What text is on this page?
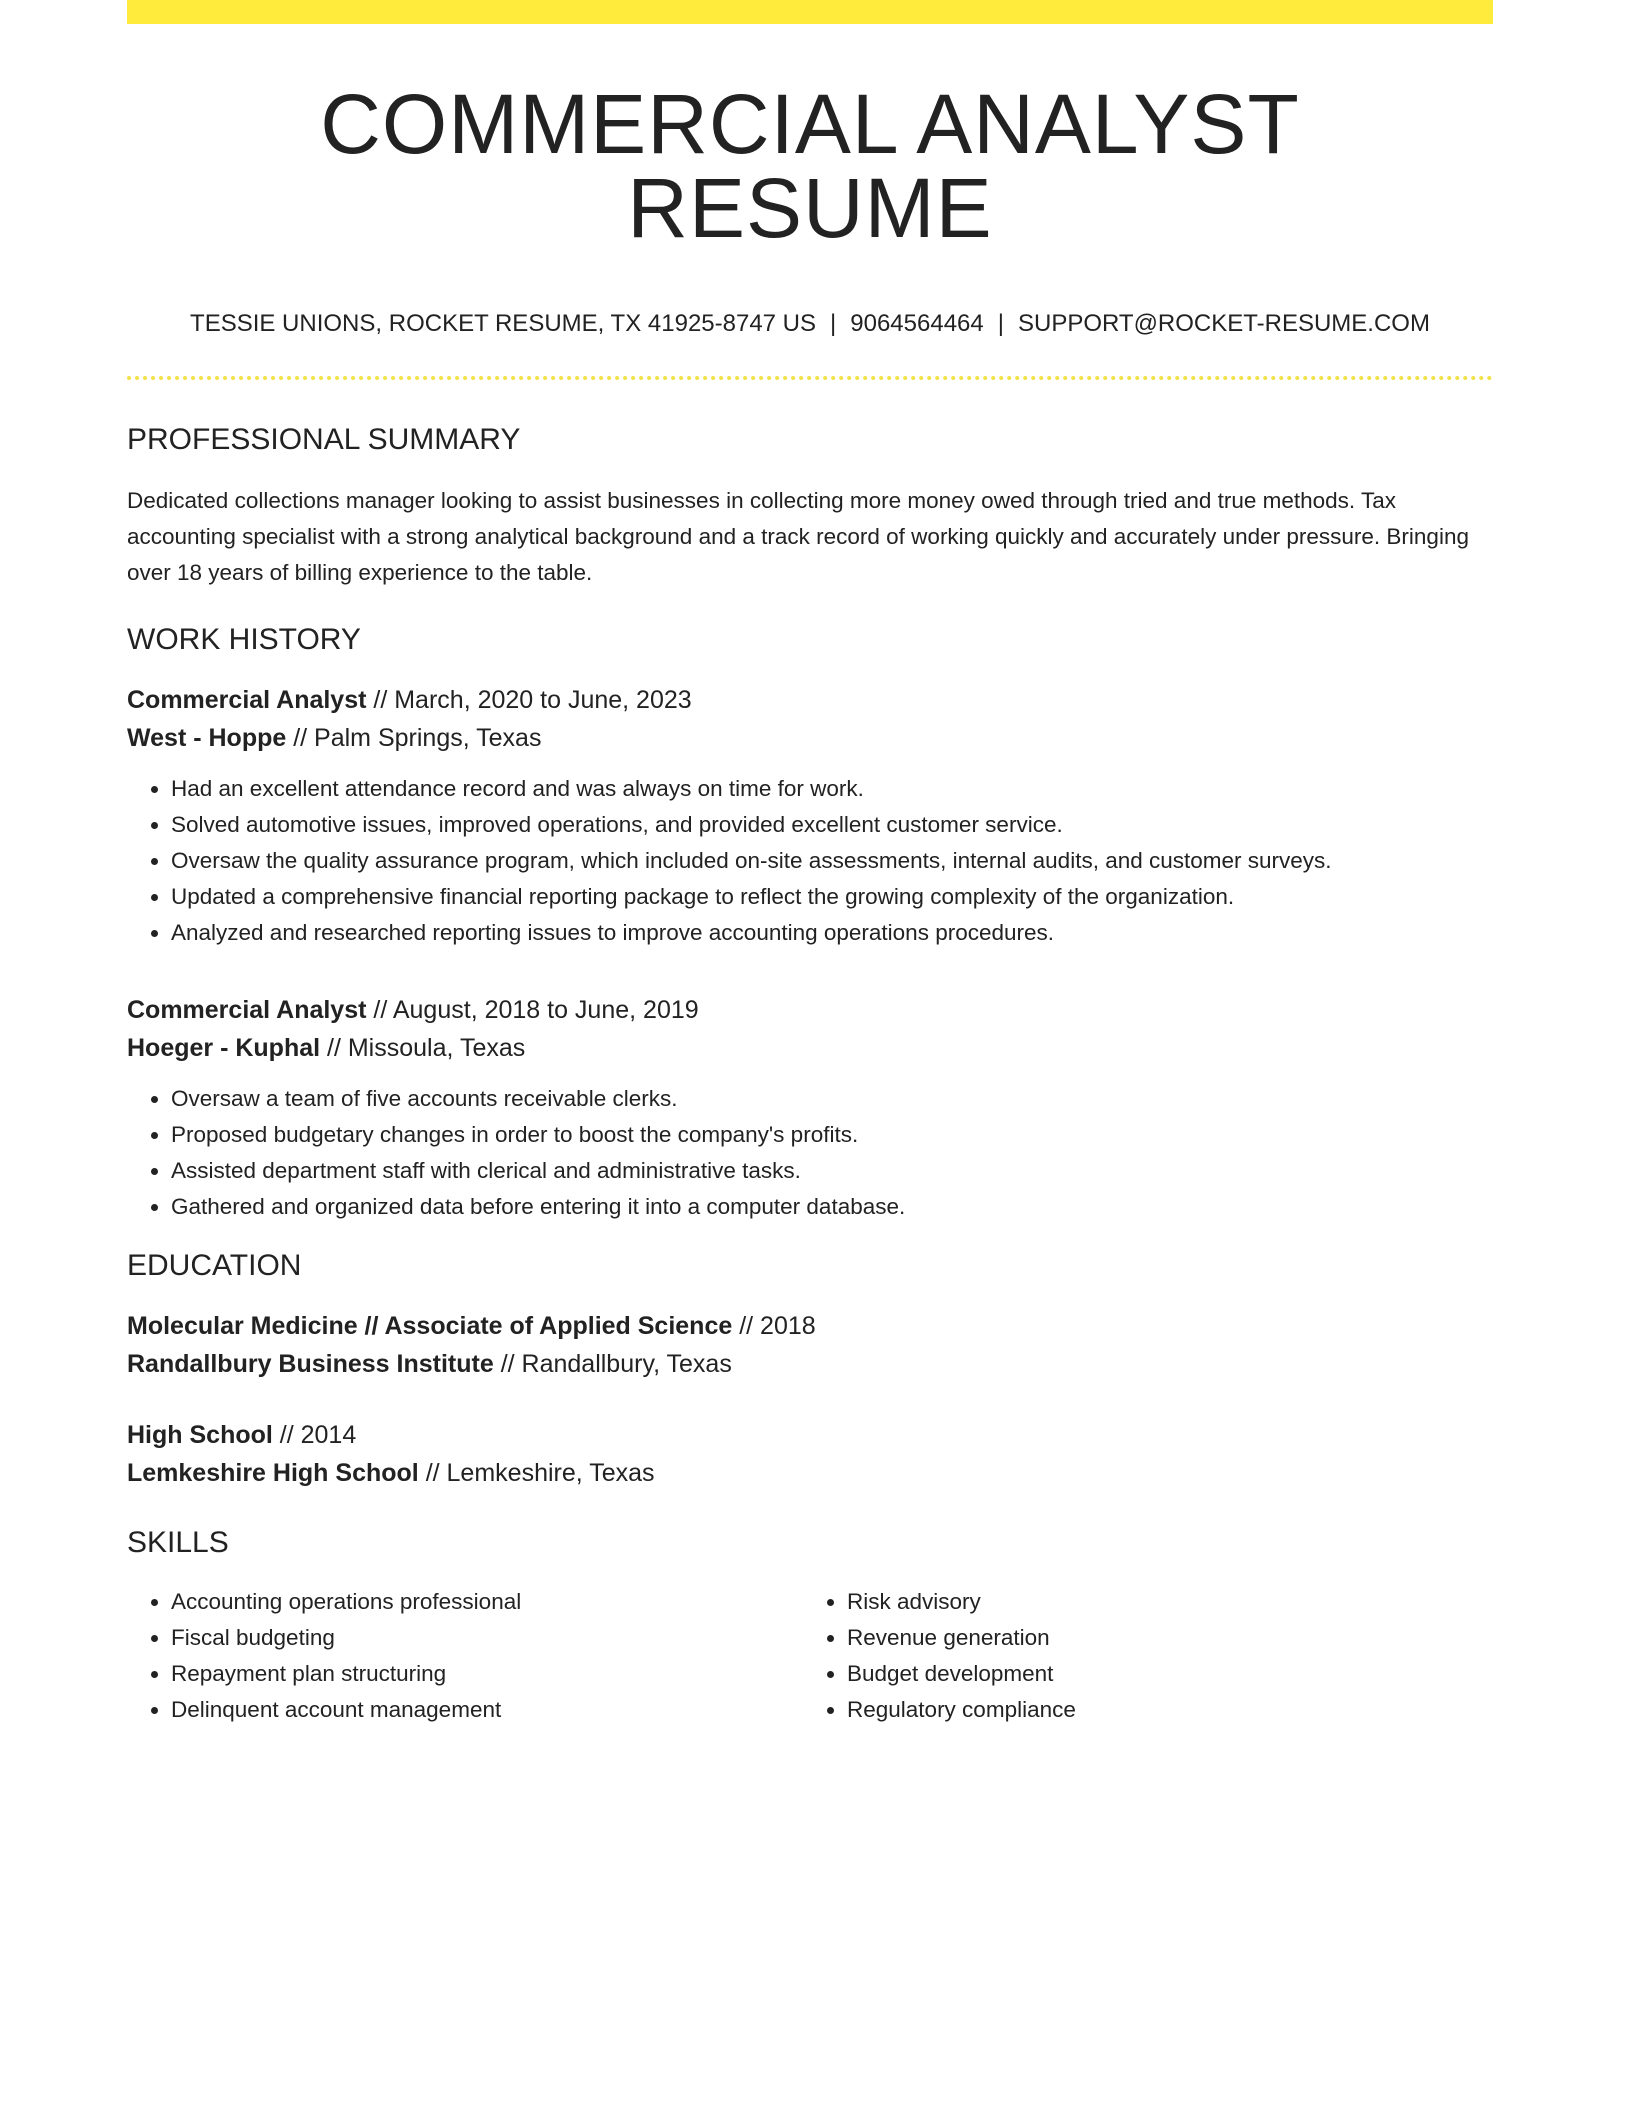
COMMERCIAL ANALYST RESUME
TESSIE UNIONS, ROCKET RESUME, TX 41925-8747 US | 9064564464 | SUPPORT@ROCKET-RESUME.COM
PROFESSIONAL SUMMARY
Dedicated collections manager looking to assist businesses in collecting more money owed through tried and true methods. Tax accounting specialist with a strong analytical background and a track record of working quickly and accurately under pressure. Bringing over 18 years of billing experience to the table.
WORK HISTORY
Commercial Analyst // March, 2020 to June, 2023
West - Hoppe // Palm Springs, Texas
• Had an excellent attendance record and was always on time for work.
• Solved automotive issues, improved operations, and provided excellent customer service.
• Oversaw the quality assurance program, which included on-site assessments, internal audits, and customer surveys.
• Updated a comprehensive financial reporting package to reflect the growing complexity of the organization.
• Analyzed and researched reporting issues to improve accounting operations procedures.
Commercial Analyst // August, 2018 to June, 2019
Hoeger - Kuphal // Missoula, Texas
• Oversaw a team of five accounts receivable clerks.
• Proposed budgetary changes in order to boost the company's profits.
• Assisted department staff with clerical and administrative tasks.
• Gathered and organized data before entering it into a computer database.
EDUCATION
Molecular Medicine // Associate of Applied Science // 2018
Randallbury Business Institute // Randallbury, Texas
High School // 2014
Lemkeshire High School // Lemkeshire, Texas
SKILLS
• Accounting operations professional
• Fiscal budgeting
• Repayment plan structuring
• Delinquent account management
• Risk advisory
• Revenue generation
• Budget development
• Regulatory compliance
